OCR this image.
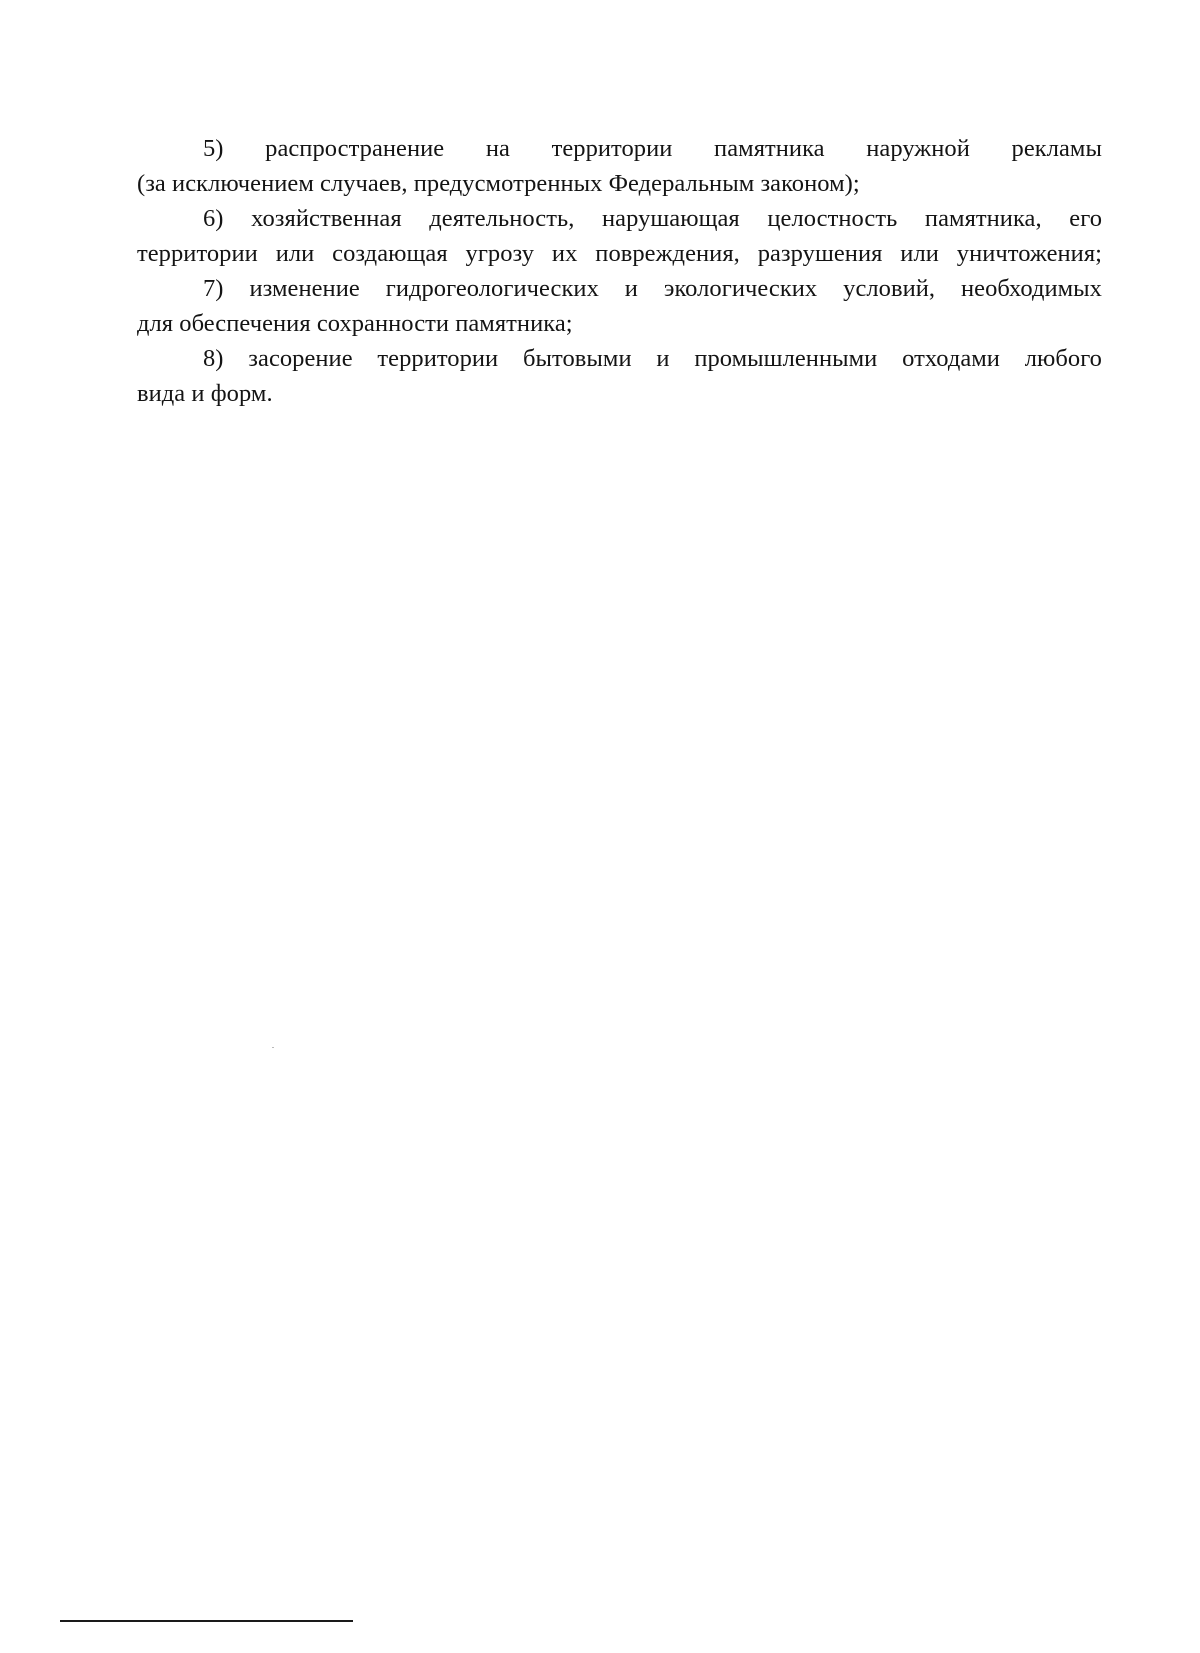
5) распространение на территории памятника наружной рекламы
(за исключением случаев, предусмотренных Федеральным законом);

6) хозяйственная деятельность, нарушающая целостность памятника, его
территории или создающая угрозу их повреждения, разрушения или уничтожения;

7) изменение гидрогеологических и экологических условий, необходимых
для обеспечения сохранности памятника;

8) засорение территории бытовыми и промышленными отходами любого
вида и форм.
